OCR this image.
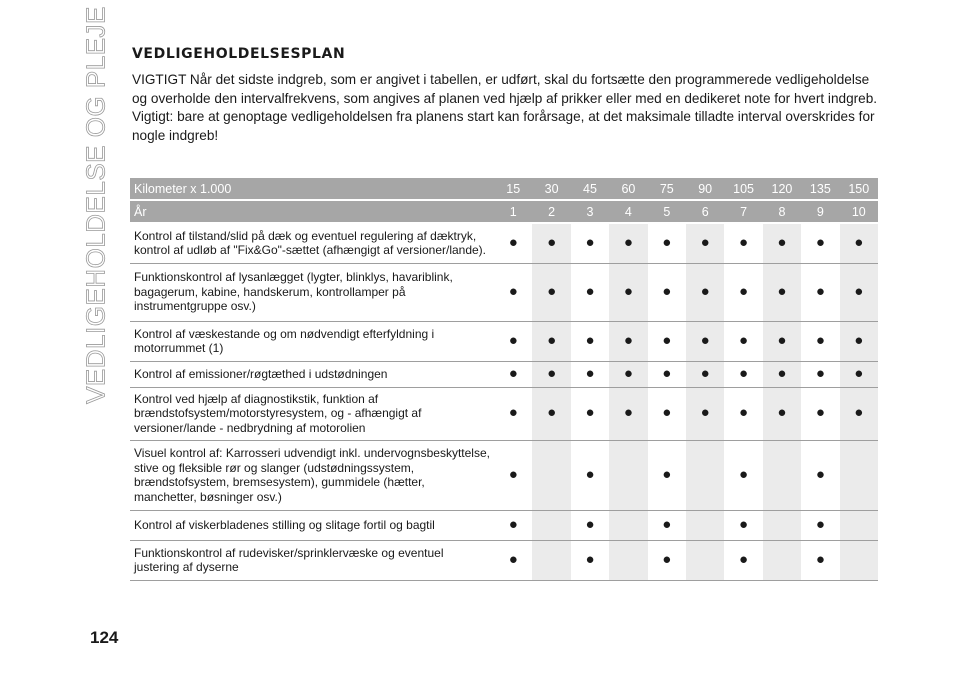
VEDLIGEHOLDELSE OG PLEJE VEDLIGEHOLDELSESPLAN

VIGTIGT Når det sidste indgreb, som er angivet i tabellen, er udført, skal du fortsætte den programmerede vedligeholdelse og overholde den intervalfrekvens, som angives af planen ved hjælp af prikker eller med en dedikeret note for hvert indgreb. Vigtigt: bare at genoptage vedligeholdelsen fra planens start kan forårsage, at det maksimale tilladte interval overskrides for nogle indgreb!

Kilometer x 1.000	15	30	45	60	75	90	105	120	135	150
År	1	2	3	4	5	6	7	8	9	10
Kontrol af tilstand/slid på dæk og eventuel regulering af dæktryk, kontrol af udløb af "Fix&Go"-sættet (afhængigt af versioner/lande).	●	●	●	●	●	●	●	●	●	●
Funktionskontrol af lysanlægget (lygter, blinklys, havariblink, bagagerum, kabine, handskerum, kontrollamper på instrumentgruppe osv.)	●	●	●	●	●	●	●	●	●	●
Kontrol af væskestande og om nødvendigt efterfyldning i motorrummet (1)	●	●	●	●	●	●	●	●	●	●
Kontrol af emissioner/røgtæthed i udstødningen	●	●	●	●	●	●	●	●	●	●
Kontrol ved hjælp af diagnostikstik, funktion af brændstofsystem/motorstyresystem, og - afhængigt af versioner/lande - nedbrydning af motorolien	●	●	●	●	●	●	●	●	●	●
Visuel kontrol af: Karrosseri udvendigt inkl. undervognsbeskyttelse, stive og fleksible rør og slanger (udstødningssystem, brændstofsystem, bremsesystem), gummidele (hætter, manchetter, bøsninger osv.)	●		●		●		●		●	
Kontrol af viskerbladenes stilling og slitage fortil og bagtil	●		●		●		●		●	
Funktionskontrol af rudevisker/sprinklervæske og eventuel justering af dyserne	●		●		●		●		●	
124
